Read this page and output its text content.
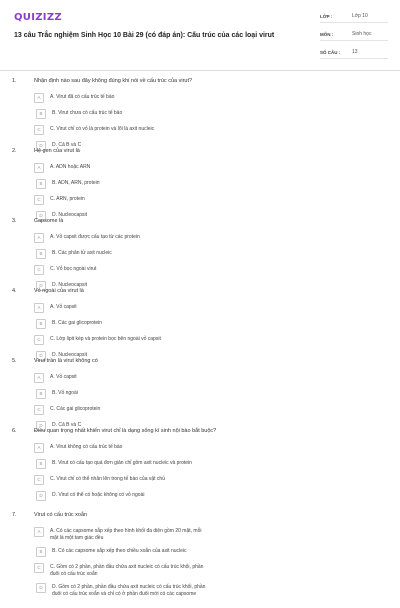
QUIZIZZ
13 câu Trắc nghiệm Sinh Học 10 Bài 29 (có đáp án): Cấu trúc của các loại virut
LỚP :	Lớp 10
MÔN :	Sinh học
SỐ CÂU :	13
1.	Nhận định nào sau đây không đúng khi nói về cấu trúc của virut?
A	A. Virut đã có cấu trúc tế bào
B	B. Virut chưa có cấu trúc tế bào
C	C. Virut chỉ có vỏ là protein và lõi là axit nucleic
D	D. Cả B và C
2.	Hệ gen của virut là
A	A. ADN hoặc ARN
B	B. ADN, ARN, protein
C	C. ARN, protein
D	D. Nucleocapsit
3.	Capsome là
A	A. Vỏ capsit được cấu tạo từ các protein
B	B. Các phân tử axit nucleic
C	C. Vỏ bọc ngoài virut
D	D. Nucleocapsit
4.	Vỏ ngoài của virut là
A	A. Vỏ capsit
B	B. Các gai glicoprotein
C	C. Lớp lipit kép và protein bọc bên ngoài vỏ capsit
D	D. Nucleocapsit
5.	Virut trần là virut không có
A	A. Vỏ capsit
B	B. Vỏ ngoài
C	C. Các gai glicoprotein
D	D. Cả B và C
6.	Điều quan trọng nhất khiến virut chỉ là dạng sống kí sinh nội bào bắt buộc?
A	A. Virut không có cấu trúc tế bào
B	B. Virut có cấu tạo quá đơn giản chỉ gồm axit nucleic và protein
C	C. Virut chỉ có thể nhân lên trong tế bào của vật chủ
D	D. Virut có thể có hoặc không có vỏ ngoài
7.	Virut có cấu trúc xoắn
A	A. Có các capsome sắp xếp theo hình khối đa diện gồm 20 mặt, mỗi mặt là một tam giác đều
B	B. Có các capsome sắp xếp theo chiều xoắn của axit nucleic
C	C. Gồm có 2 phần, phần đầu chứa axit nucleic có cấu trúc khối, phần đuôi có cấu trúc xoắn
D	D. Gồm có 2 phần, phần đầu chứa axit nucleic có cấu trúc khối, phần đuôi có cấu trúc xoắn và chỉ có ở phần đuôi mới có các capsome
